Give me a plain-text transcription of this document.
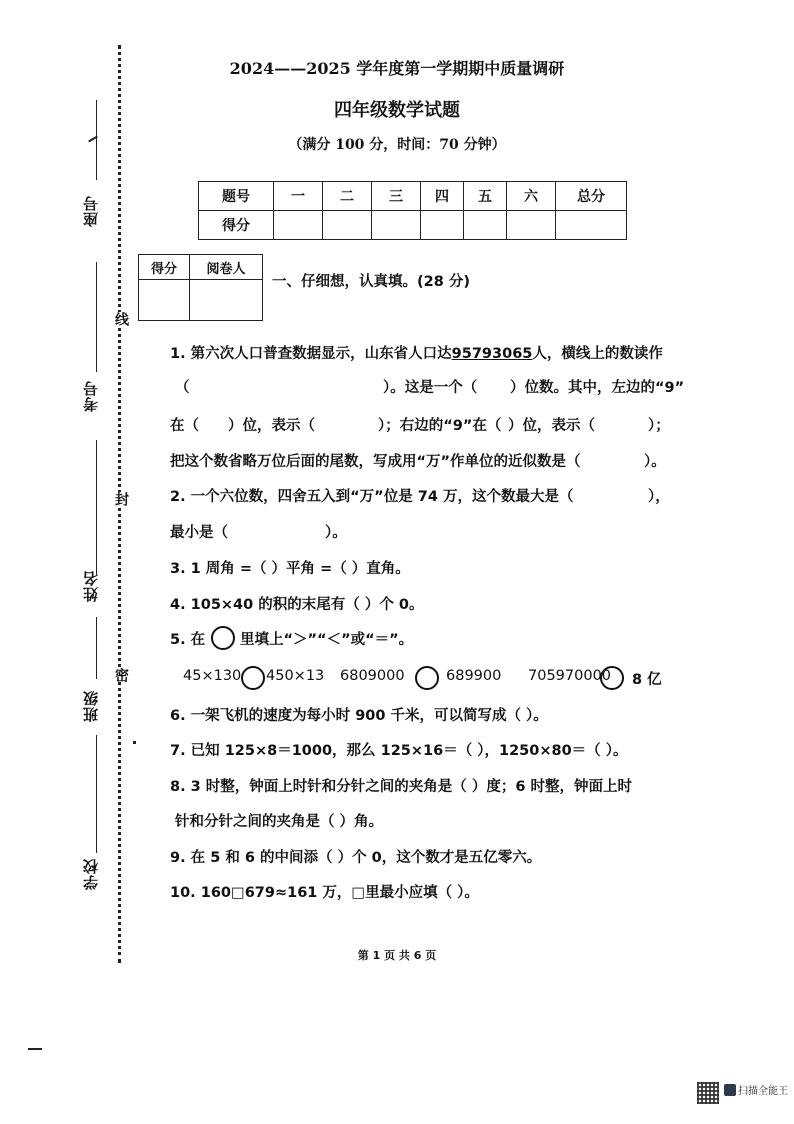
座号
考号
姓名
班级
学校
线
封
密
2024——2025 学年度第一学期期中质量调研
四年级数学试题
（满分 100 分，时间：70 分钟）
题号	一	二	三	四	五	六	总分
得分							
得分	阅卷人

一、仔细想，认真填。(28 分)
1. 第六次人口普查数据显示，山东省人口达95793065人，横线上的数读作
（	）。这是一个（ ）位数。其中，左边的“9”
在（ ）位，表示（	）；右边的“9”在（ ）位，表示（	）；
把这个数省略万位后面的尾数，写成用“万”作单位的近似数是（	）。
2. 一个六位数，四舍五入到“万”位是 74 万，这个数最大是（	），
最小是（	）。
3. 1 周角 =（ ）平角 =（ ）直角。
4. 105×40 的积的末尾有（ ）个 0。
5. 在 里填上“＞”“＜”或“＝”。
45×130 450×13 6809000	689900 705970000 8 亿
6. 一架飞机的速度为每小时 900 千米，可以简写成（ ）。
7. 已知 125×8＝1000，那么 125×16＝（ ），1250×80＝（ ）。
8. 3 时整，钟面上时针和分针之间的夹角是（ ）度；6 时整，钟面上时
针和分针之间的夹角是（ ）角。
9. 在 5 和 6 的中间添（ ）个 0，这个数才是五亿零六。
10. 160□679≈161 万，□里最小应填（ ）。
第 1 页 共 6 页
扫描全能王
